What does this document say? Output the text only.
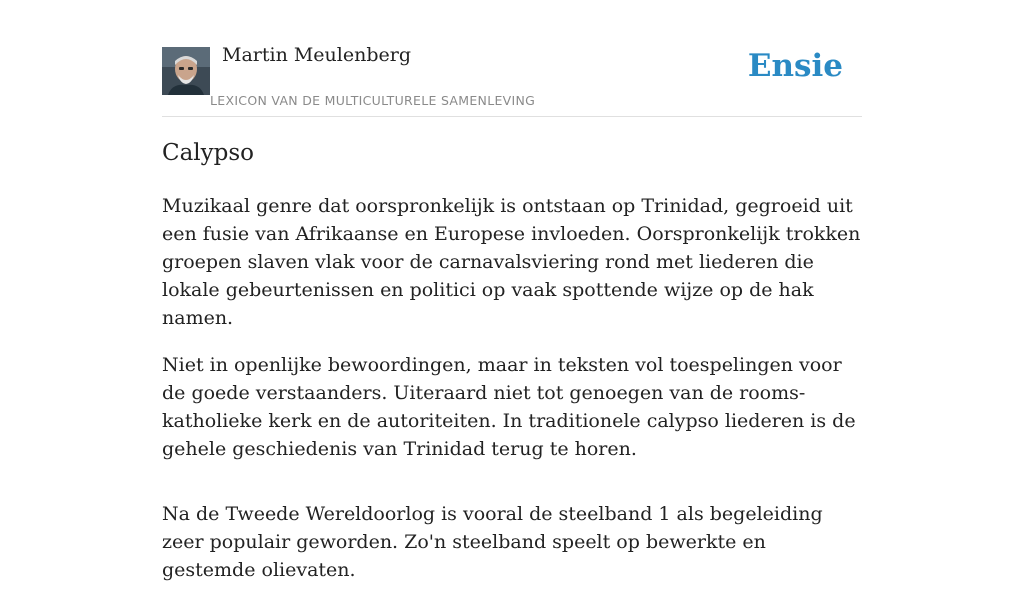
Martin Meulenberg
LEXICON VAN DE MULTICULTURELE SAMENLEVING
Ensie
Calypso

Muzikaal genre dat oorspronkelijk is ontstaan op Trinidad, gegroeid uit een fusie van Afrikaanse en Europese invloeden. Oorspronkelijk trokken groepen slaven vlak voor de carnavalsviering rond met liederen die lokale gebeurtenissen en politici op vaak spottende wijze op de hak namen.

Niet in openlijke bewoordingen, maar in teksten vol toespelingen voor de goede verstaanders. Uiteraard niet tot genoegen van de rooms-katholieke kerk en de autoriteiten. In traditionele calypso liederen is de gehele geschiedenis van Trinidad terug te horen.

Na de Tweede Wereldoorlog is vooral de steelband 1 als begeleiding zeer populair geworden. Zo'n steelband speelt op bewerkte en gestemde olievaten.
